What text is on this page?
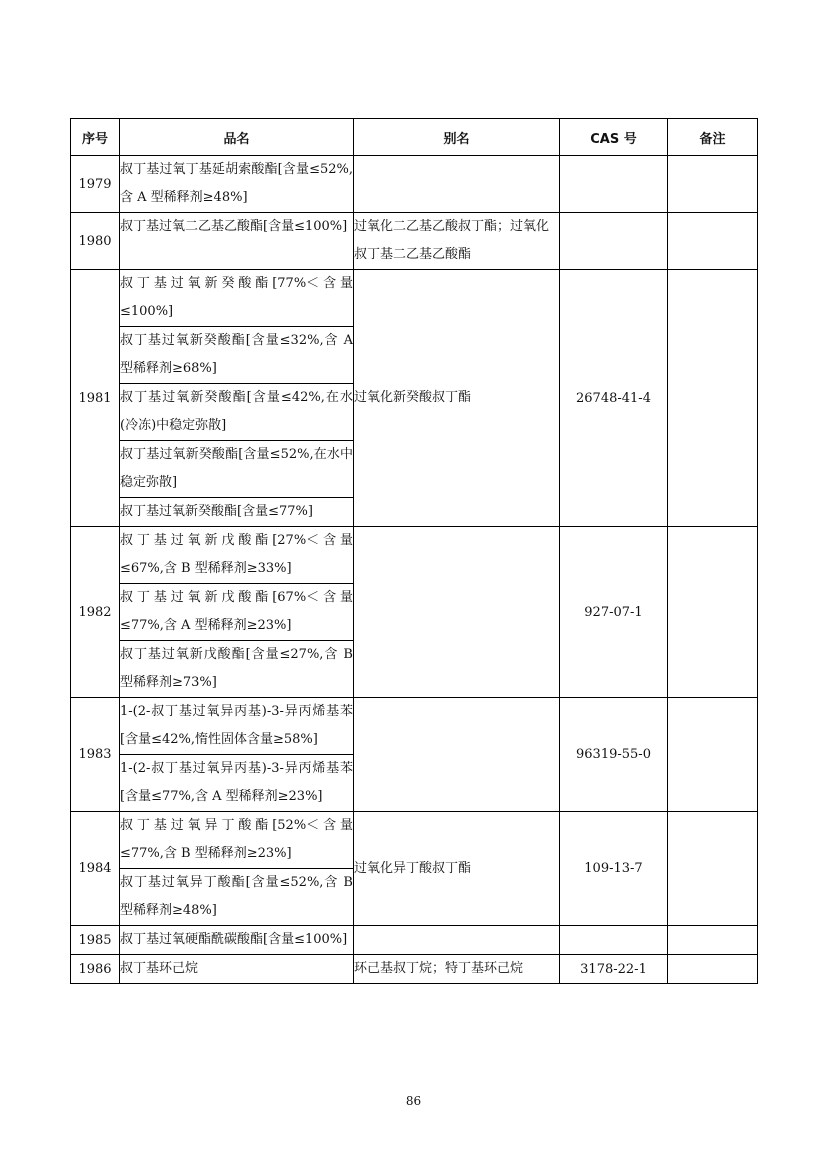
序号	品名	别名	CAS 号	备注
1979	叔丁基过氧丁基延胡索酸酯[含量≤52%,含 A 型稀释剂≥48%]			
1980	叔丁基过氧二乙基乙酸酯[含量≤100%]	过氧化二乙基乙酸叔丁酯；过氧化叔丁基二乙基乙酸酯		
1981	叔丁基过氧新癸酸酯[77%＜含量≤100%]	过氧化新癸酸叔丁酯	26748-41-4	
	叔丁基过氧新癸酸酯[含量≤32%,含 A 型稀释剂≥68%]			
	叔丁基过氧新癸酸酯[含量≤42%,在水(冷冻)中稳定弥散]			
	叔丁基过氧新癸酸酯[含量≤52%,在水中稳定弥散]			
	叔丁基过氧新癸酸酯[含量≤77%]			
1982	叔丁基过氧新戊酸酯[27%＜含量≤67%,含 B 型稀释剂≥33%]		927-07-1	
	叔丁基过氧新戊酸酯[67%＜含量≤77%,含 A 型稀释剂≥23%]			
	叔丁基过氧新戊酸酯[含量≤27%,含 B 型稀释剂≥73%]			
1983	1-(2-叔丁基过氧异丙基)-3-异丙烯基苯[含量≤42%,惰性固体含量≥58%]		96319-55-0	
	1-(2-叔丁基过氧异丙基)-3-异丙烯基苯[含量≤77%,含 A 型稀释剂≥23%]			
1984	叔丁基过氧异丁酸酯[52%＜含量≤77%,含 B 型稀释剂≥23%]	过氧化异丁酸叔丁酯	109-13-7	
	叔丁基过氧异丁酸酯[含量≤52%,含 B 型稀释剂≥48%]			
1985	叔丁基过氧硬酯酰碳酸酯[含量≤100%]			
1986	叔丁基环己烷	环己基叔丁烷；特丁基环己烷	3178-22-1	
86
